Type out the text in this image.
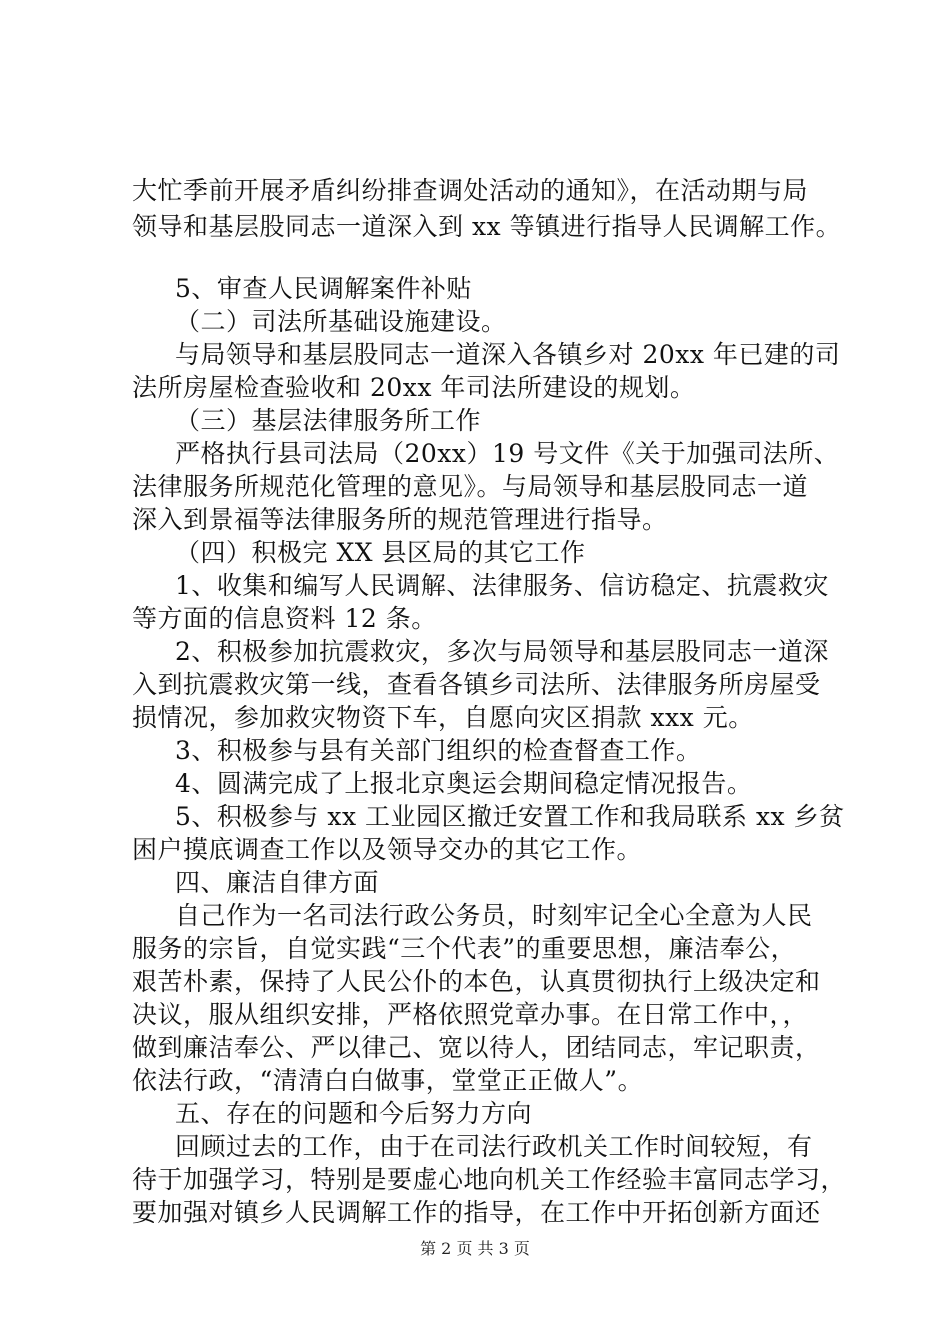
大忙季前开展矛盾纠纷排查调处活动的通知》，在活动期与局
领导和基层股同志一道深入到 xx 等镇进行指导人民调解工作。
5、审查人民调解案件补贴
（二）司法所基础设施建设。
与局领导和基层股同志一道深入各镇乡对 20xx 年已建的司
法所房屋检查验收和 20xx 年司法所建设的规划。
（三）基层法律服务所工作
严格执行县司法局（20xx）19 号文件《关于加强司法所、
法律服务所规范化管理的意见》。与局领导和基层股同志一道
深入到景福等法律服务所的规范管理进行指导。
（四）积极完 XX 县区局的其它工作
1、收集和编写人民调解、法律服务、信访稳定、抗震救灾
等方面的信息资料 12 条。
2、积极参加抗震救灾，多次与局领导和基层股同志一道深
入到抗震救灾第一线，查看各镇乡司法所、法律服务所房屋受
损情况，参加救灾物资下车，自愿向灾区捐款 xxx 元。
3、积极参与县有关部门组织的检查督查工作。
4、圆满完成了上报北京奥运会期间稳定情况报告。
5、积极参与 xx 工业园区撤迁安置工作和我局联系 xx 乡贫
困户摸底调查工作以及领导交办的其它工作。
四、廉洁自律方面
自己作为一名司法行政公务员，时刻牢记全心全意为人民
服务的宗旨，自觉实践“三个代表”的重要思想，廉洁奉公，
艰苦朴素，保持了人民公仆的本色，认真贯彻执行上级决定和
决议，服从组织安排，严格依照党章办事。在日常工作中，，
做到廉洁奉公、严以律己、宽以待人，团结同志，牢记职责，
依法行政，“清清白白做事，堂堂正正做人”。
五、存在的问题和今后努力方向
回顾过去的工作，由于在司法行政机关工作时间较短，有
待于加强学习，特别是要虚心地向机关工作经验丰富同志学习，
要加强对镇乡人民调解工作的指导，在工作中开拓创新方面还
第 2 页 共 3 页
